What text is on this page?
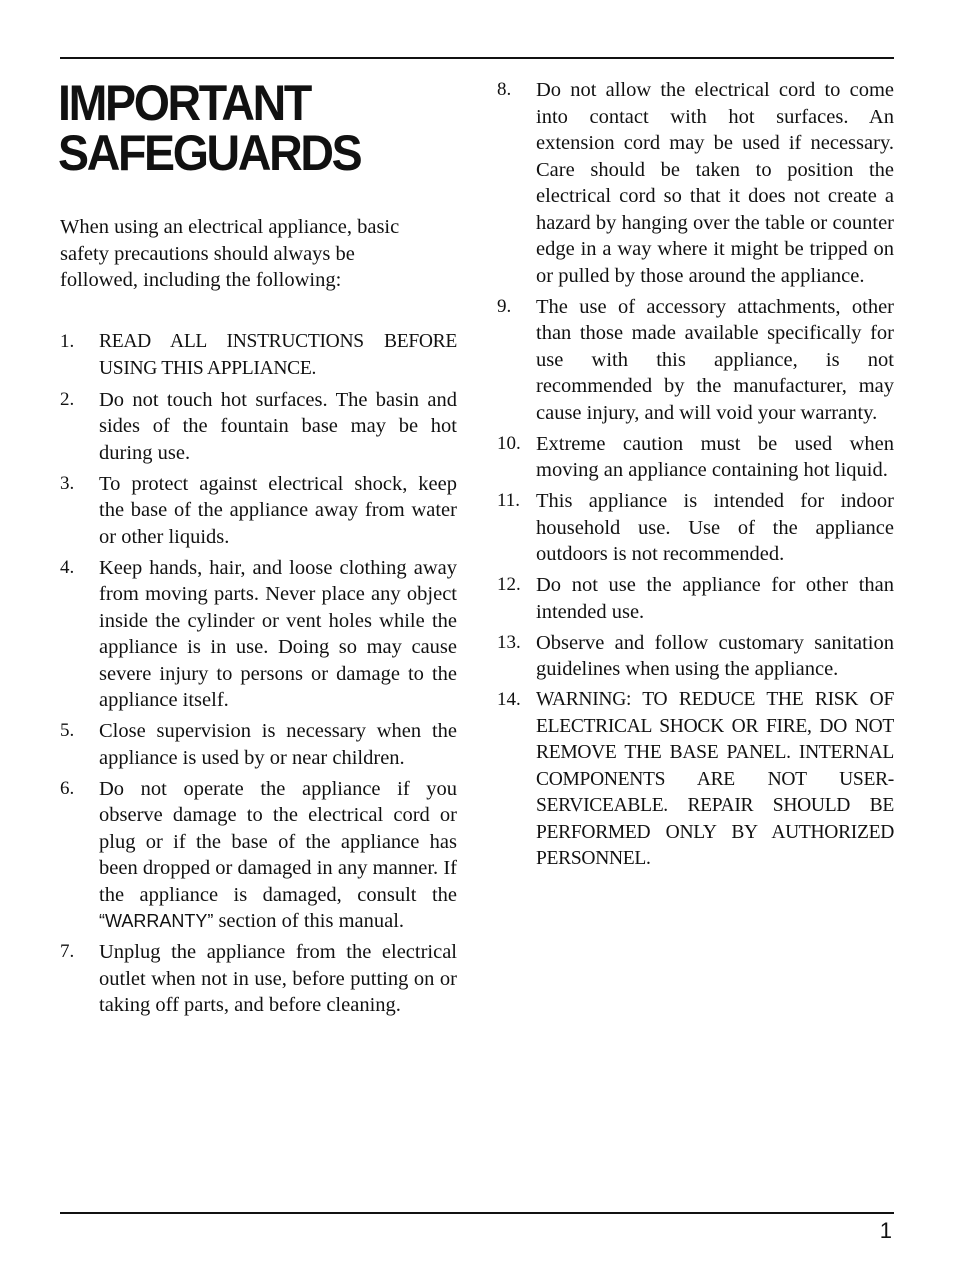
IMPORTANT
SAFEGUARDS

When using an electrical appliance, basic safety precautions should always be followed, including the following:

1. READ ALL INSTRUCTIONS BEFORE USING THIS APPLIANCE.
2. Do not touch hot surfaces. The basin and sides of the fountain base may be hot during use.
3. To protect against electrical shock, keep the base of the appliance away from water or other liquids.
4. Keep hands, hair, and loose clothing away from moving parts. Never place any object inside the cylinder or vent holes while the appliance is in use. Doing so may cause severe injury to persons or damage to the appliance itself.
5. Close supervision is necessary when the appliance is used by or near children.
6. Do not operate the appliance if you observe damage to the electrical cord or plug or if the base of the appliance has been dropped or damaged in any manner. If the appliance is damaged, consult the “WARRANTY” section of this manual.
7. Unplug the appliance from the electrical outlet when not in use, before putting on or taking off parts, and before cleaning.
8. Do not allow the electrical cord to come into contact with hot surfaces. An extension cord may be used if necessary. Care should be taken to position the electrical cord so that it does not create a hazard by hanging over the table or counter edge in a way where it might be tripped on or pulled by those around the appliance.
9. The use of accessory attachments, other than those made available specifically for use with this appliance, is not recommended by the manufacturer, may cause injury, and will void your warranty.
10. Extreme caution must be used when moving an appliance containing hot liquid.
11. This appliance is intended for indoor household use. Use of the appliance outdoors is not recommended.
12. Do not use the appliance for other than intended use.
13. Observe and follow customary sanitation guidelines when using the appliance.
14. WARNING: TO REDUCE THE RISK OF ELECTRICAL SHOCK OR FIRE, DO NOT REMOVE THE BASE PANEL. INTERNAL COMPONENTS ARE NOT USER-SERVICEABLE. REPAIR SHOULD BE PERFORMED ONLY BY AUTHORIZED PERSONNEL.
1
